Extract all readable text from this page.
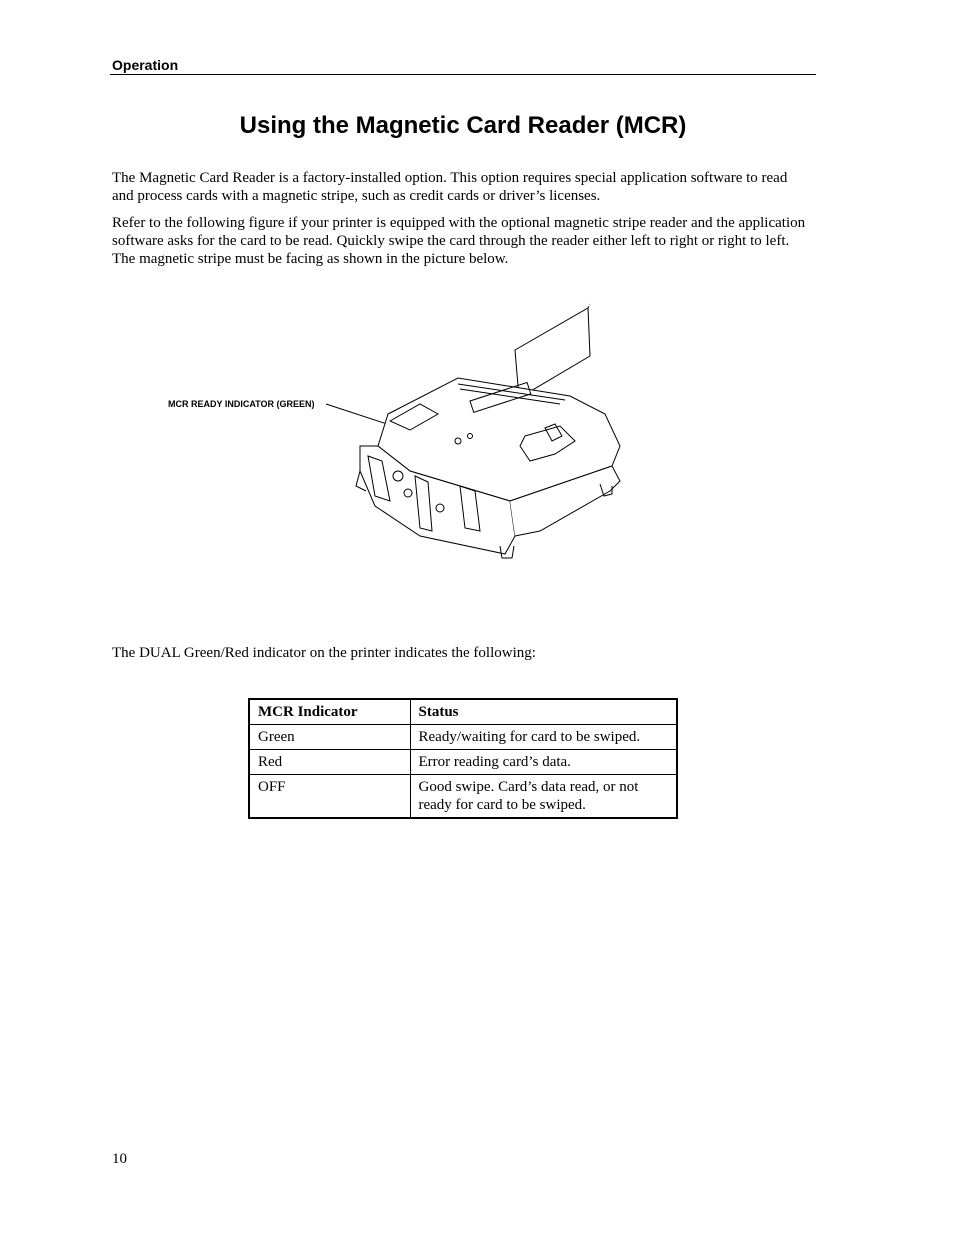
Operation
Using the Magnetic Card Reader (MCR)

The Magnetic Card Reader is a factory-installed option. This option requires special application software to read and process cards with a magnetic stripe, such as credit cards or driver’s licenses.

Refer to the following figure if your printer is equipped with the optional magnetic stripe reader and the application software asks for the card to be read. Quickly swipe the card through the reader either left to right or right to left. The magnetic stripe must be facing as shown in the picture below.

MCR READY INDICATOR (GREEN)

The DUAL Green/Red indicator on the printer indicates the following:

MCR Indicator	Status
Green	Ready/waiting for card to be swiped.
Red	Error reading card’s data.
OFF	Good swipe. Card’s data read, or not ready for card to be swiped.
10
